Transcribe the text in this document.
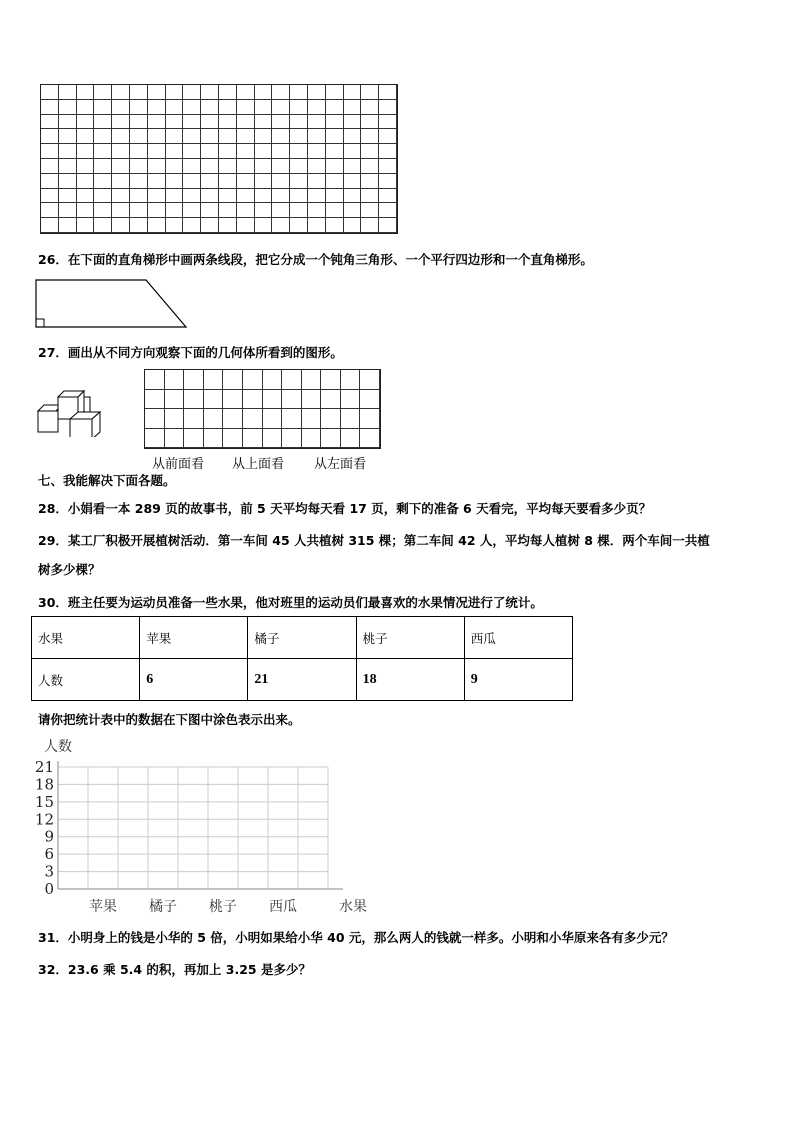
26．在下面的直角梯形中画两条线段，把它分成一个钝角三角形、一个平行四边形和一个直角梯形。
27．画出从不同方向观察下面的几何体所看到的图形。
从前面看 从上面看 从左面看
七、我能解决下面各题。
28．小娟看一本 289 页的故事书，前 5 天平均每天看 17 页，剩下的准备 6 天看完，平均每天要看多少页？
29．某工厂积极开展植树活动．第一车间 45 人共植树 315 棵；第二车间 42 人，平均每人植树 8 棵．两个车间一共植
树多少棵？
30．班主任要为运动员准备一些水果，他对班里的运动员们最喜欢的水果情况进行了统计。
水果	苹果	橘子	桃子	西瓜
人数	6	21	18	9
请你把统计表中的数据在下图中涂色表示出来。
0
3
6
9
12
15
18
21
人数
苹果 橘子 桃子 西瓜	水果
31．小明身上的钱是小华的 5 倍，小明如果给小华 40 元，那么两人的钱就一样多。小明和小华原来各有多少元？
32．23.6 乘 5.4 的积，再加上 3.25 是多少？
